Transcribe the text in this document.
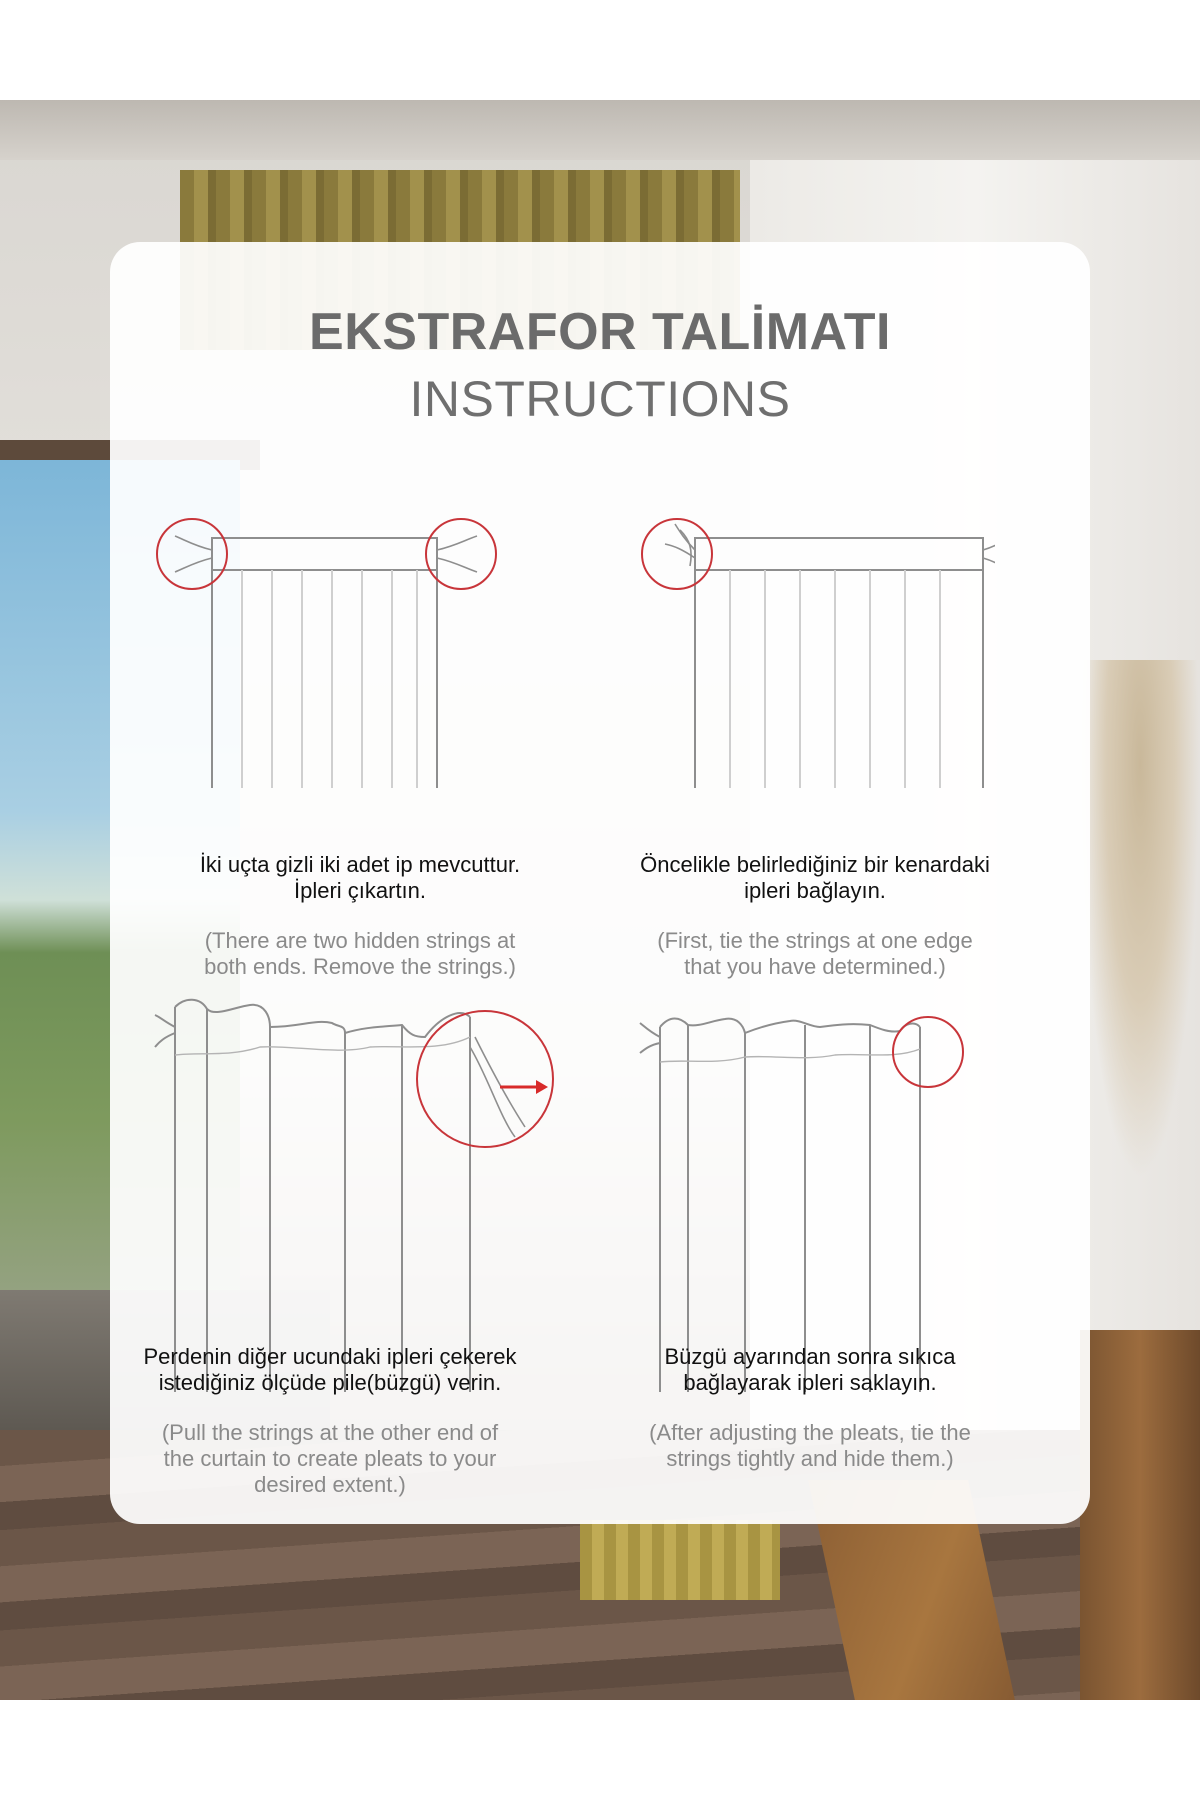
EKSTRAFOR TALİMATI
INSTRUCTIONS
İki uçta gizli iki adet ip mevcuttur.
İpleri çıkartın.
(There are two hidden strings at
both ends. Remove the strings.)
Öncelikle belirlediğiniz bir kenardaki
ipleri bağlayın.
(First, tie the strings at one edge
that you have determined.)
Perdenin diğer ucundaki ipleri çekerek
istediğiniz ölçüde pile(büzgü) verin.
(Pull the strings at the other end of
the curtain to create pleats to your
desired extent.)
Büzgü ayarından sonra sıkıca
bağlayarak ipleri saklayın.
(After adjusting the pleats, tie the
strings tightly and hide them.)
